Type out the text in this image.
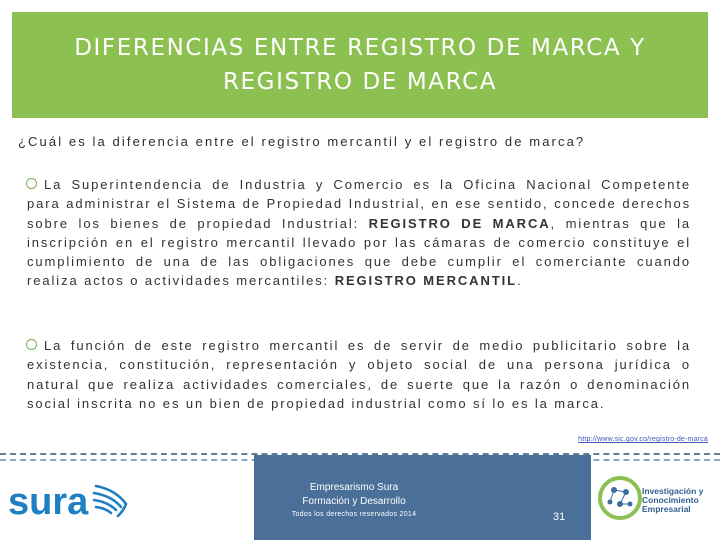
DIFERENCIAS ENTRE REGISTRO DE MARCA Y
REGISTRO DE MARCA
¿Cuál es la diferencia entre el registro mercantil y el registro de marca?

La Superintendencia de Industria y Comercio es la Oficina Nacional Competente para administrar el Sistema de Propiedad Industrial, en ese sentido, concede derechos sobre los bienes de propiedad Industrial: REGISTRO DE MARCA, mientras que la inscripción en el registro mercantil llevado por las cámaras de comercio constituye el cumplimiento de una de las obligaciones que debe cumplir el comerciante cuando realiza actos o actividades mercantiles: REGISTRO MERCANTIL.

La función de este registro mercantil es de servir de medio publicitario sobre la existencia, constitución, representación y objeto social de una persona jurídica o natural que realiza actividades comerciales, de suerte que la razón o denominación social inscrita no es un bien de propiedad industrial como sí lo es la marca.

http://www.sic.gov.co/registro-de-marca
Empresarismo Sura
Formación y Desarrollo
Todos los derechos reservados 2014	31
sura	Investigación y
Conocimiento
Empresarial
